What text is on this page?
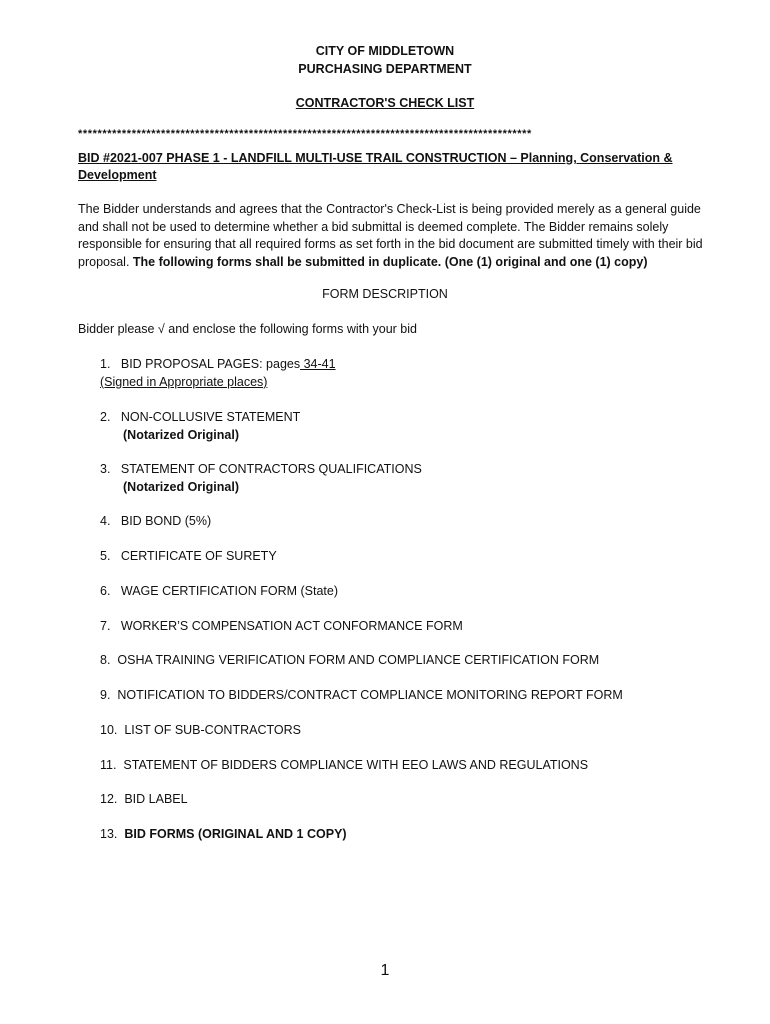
CITY OF MIDDLETOWN
PURCHASING DEPARTMENT
CONTRACTOR'S CHECK LIST
*********************************************************************************************
BID #2021-007 PHASE 1 - LANDFILL MULTI-USE TRAIL CONSTRUCTION – Planning, Conservation & Development
The Bidder understands and agrees that the Contractor's Check-List is being provided merely as a general guide and shall not be used to determine whether a bid submittal is deemed complete. The Bidder remains solely responsible for ensuring that all required forms as set forth in the bid document are submitted timely with their bid proposal. The following forms shall be submitted in duplicate. (One (1) original and one (1) copy)
FORM DESCRIPTION
Bidder please √ and enclose the following forms with your bid
1. BID PROPOSAL PAGES: pages 34-41
(Signed in Appropriate places)
2. NON-COLLUSIVE STATEMENT
(Notarized Original)
3. STATEMENT OF CONTRACTORS QUALIFICATIONS
(Notarized Original)
4. BID BOND (5%)
5. CERTIFICATE OF SURETY
6. WAGE CERTIFICATION FORM (State)
7. WORKER’S COMPENSATION ACT CONFORMANCE FORM
8. OSHA TRAINING VERIFICATION FORM AND COMPLIANCE CERTIFICATION FORM
9. NOTIFICATION TO BIDDERS/CONTRACT COMPLIANCE MONITORING REPORT FORM
10. LIST OF SUB-CONTRACTORS
11. STATEMENT OF BIDDERS COMPLIANCE WITH EEO LAWS AND REGULATIONS
12. BID LABEL
13. BID FORMS (ORIGINAL AND 1 COPY)
1
